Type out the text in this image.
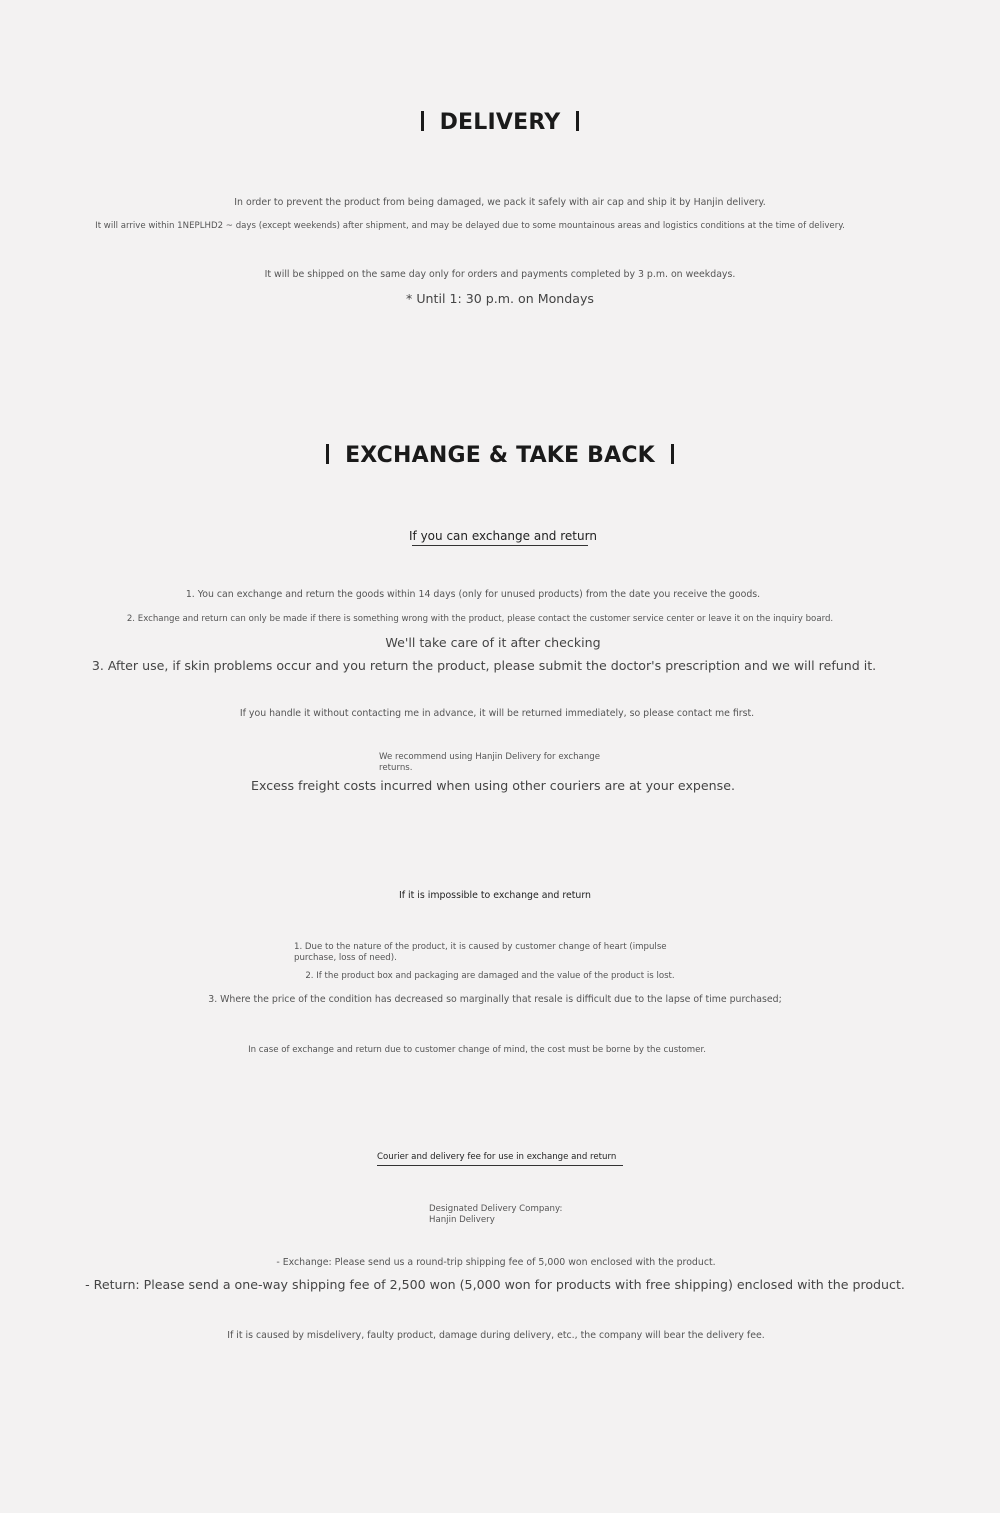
DELIVERY
In order to prevent the product from being damaged, we pack it safely with air cap and ship it by Hanjin delivery.
It will arrive within 1NEPLHD2 ~ days (except weekends) after shipment, and may be delayed due to some mountainous areas and logistics conditions at the time of delivery.
It will be shipped on the same day only for orders and payments completed by 3 p.m. on weekdays.
* Until 1: 30 p.m. on Mondays
EXCHANGE & TAKE BACK
If you can exchange and return
1. You can exchange and return the goods within 14 days (only for unused products) from the date you receive the goods.
2. Exchange and return can only be made if there is something wrong with the product, please contact the customer service center or leave it on the inquiry board.
We'll take care of it after checking
3. After use, if skin problems occur and you return the product, please submit the doctor's prescription and we will refund it.
If you handle it without contacting me in advance, it will be returned immediately, so please contact me first.
We recommend using Hanjin Delivery for exchange returns.
Excess freight costs incurred when using other couriers are at your expense.
If it is impossible to exchange and return
1. Due to the nature of the product, it is caused by customer change of heart (impulse purchase, loss of need).
2. If the product box and packaging are damaged and the value of the product is lost.
3. Where the price of the condition has decreased so marginally that resale is difficult due to the lapse of time purchased;
In case of exchange and return due to customer change of mind, the cost must be borne by the customer.
Courier and delivery fee for use in exchange and return
Designated Delivery Company: Hanjin Delivery
- Exchange: Please send us a round-trip shipping fee of 5,000 won enclosed with the product.
- Return: Please send a one-way shipping fee of 2,500 won (5,000 won for products with free shipping) enclosed with the product.
If it is caused by misdelivery, faulty product, damage during delivery, etc., the company will bear the delivery fee.
